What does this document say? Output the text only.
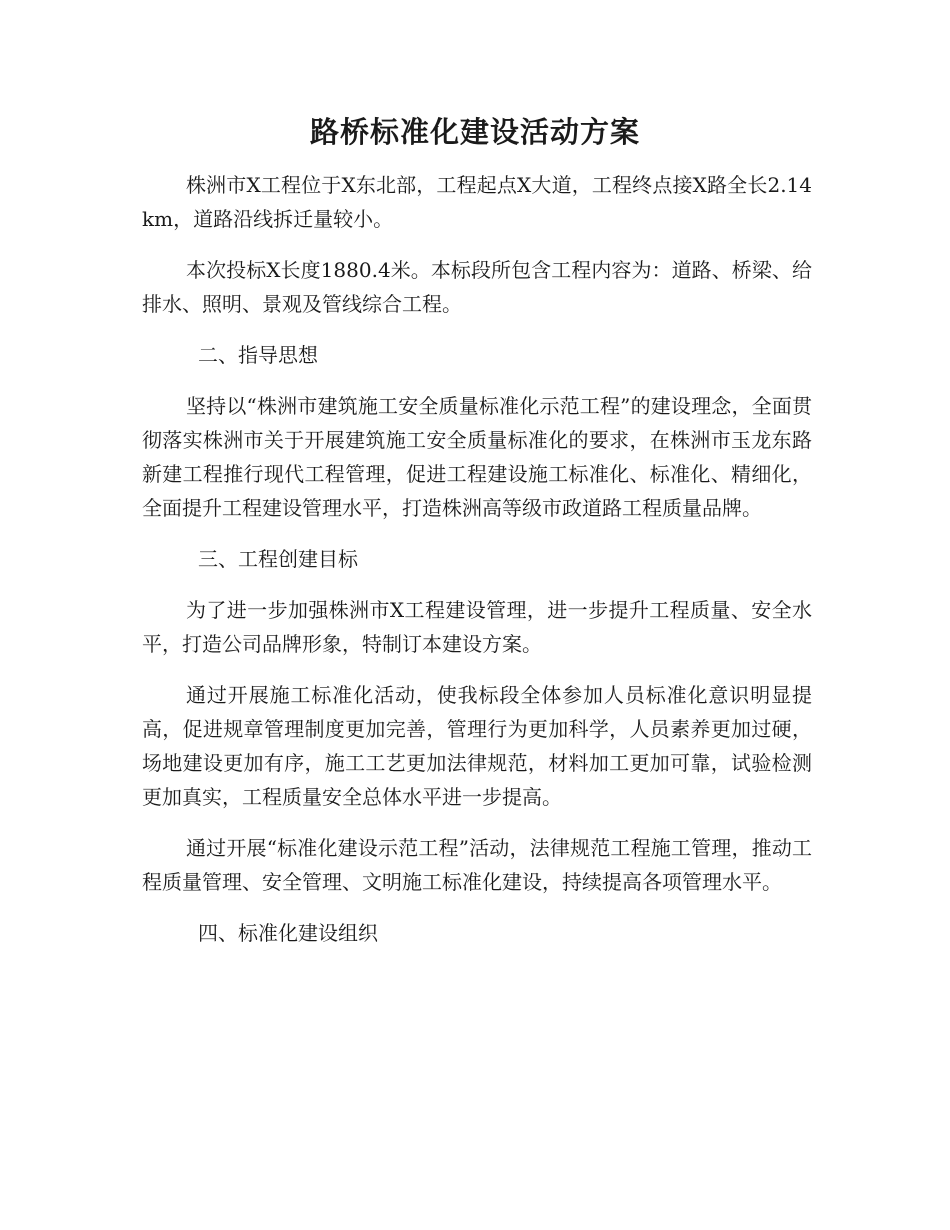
路桥标准化建设活动方案

株洲市X工程位于X东北部，工程起点X大道，工程终点接X路全长2.14km，道路沿线拆迁量较小。

本次投标X长度1880.4米。本标段所包含工程内容为：道路、桥梁、给排水、照明、景观及管线综合工程。

二、指导思想

坚持以“株洲市建筑施工安全质量标准化示范工程”的建设理念，全面贯彻落实株洲市关于开展建筑施工安全质量标准化的要求，在株洲市玉龙东路新建工程推行现代工程管理，促进工程建设施工标准化、标准化、精细化，全面提升工程建设管理水平，打造株洲高等级市政道路工程质量品牌。

三、工程创建目标

为了进一步加强株洲市X工程建设管理，进一步提升工程质量、安全水平，打造公司品牌形象，特制订本建设方案。

通过开展施工标准化活动，使我标段全体参加人员标准化意识明显提高，促进规章管理制度更加完善，管理行为更加科学，人员素养更加过硬，场地建设更加有序，施工工艺更加法律规范，材料加工更加可靠，试验检测更加真实，工程质量安全总体水平进一步提高。

通过开展“标准化建设示范工程”活动，法律规范工程施工管理，推动工程质量管理、安全管理、文明施工标准化建设，持续提高各项管理水平。

四、标准化建设组织
